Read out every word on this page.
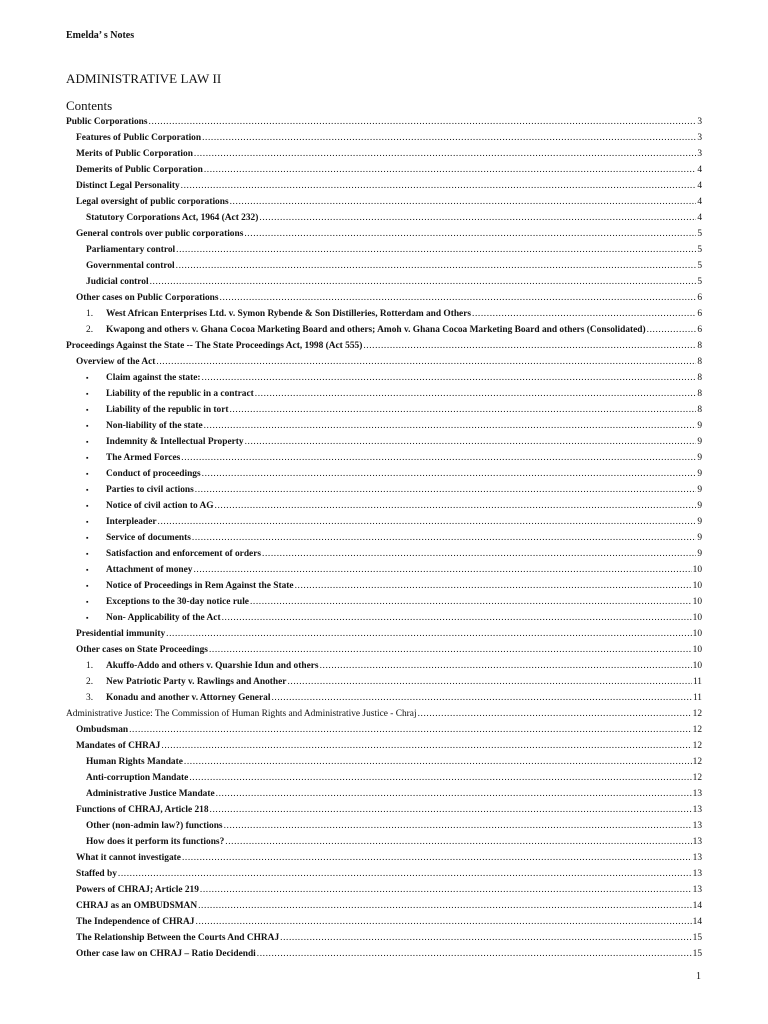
Emelda’ s Notes
ADMINISTRATIVE LAW II
Contents
Public Corporations .....	3
Features of Public Corporation .....	3
Merits of Public Corporation .....	3
Demerits of Public Corporation .....	4
Distinct Legal Personality .....	4
Legal oversight of public corporations .....	4
Statutory Corporations Act, 1964 (Act 232) .....	4
General controls over public corporations .....	5
Parliamentary control .....	5
Governmental control .....	5
Judicial control .....	5
Other cases on Public Corporations .....	6
1.	West African Enterprises Ltd. v. Symon Rybende & Son Distilleries, Rotterdam and Others .....	6
2.	Kwapong and others v. Ghana Cocoa Marketing Board and others; Amoh v. Ghana Cocoa Marketing Board and others (Consolidated) .....	6
Proceedings Against the State -- The State Proceedings Act, 1998 (Act 555) .....	8
Overview of the Act .....	8
▪	Claim against the state: .....	8
▪	Liability of the republic in a contract .....	8
▪	Liability of the republic in tort .....	8
▪	Non-liability of the state .....	9
▪	Indemnity & Intellectual Property .....	9
▪	The Armed Forces .....	9
▪	Conduct of proceedings .....	9
▪	Parties to civil actions .....	9
▪	Notice of civil action to AG .....	9
▪	Interpleader .....	9
▪	Service of documents .....	9
▪	Satisfaction and enforcement of orders .....	9
▪	Attachment of money .....	10
▪	Notice of Proceedings in Rem Against the State .....	10
▪	Exceptions to the 30-day notice rule .....	10
▪	Non- Applicability of the Act .....	10
Presidential immunity .....	10
Other cases on State Proceedings .....	10
1.	Akuffo-Addo and others v. Quarshie Idun and others .....	10
2.	New Patriotic Party v. Rawlings and Another .....	11
3.	Konadu and another v. Attorney General .....	11
Administrative Justice: The Commission of Human Rights and Administrative Justice - Chraj .....	12
Ombudsman .....	12
Mandates of CHRAJ .....	12
Human Rights Mandate .....	12
Anti-corruption Mandate .....	12
Administrative Justice Mandate .....	13
Functions of CHRAJ, Article 218 .....	13
Other (non-admin law?) functions .....	13
How does it perform its functions? .....	13
What it cannot investigate .....	13
Staffed by .....	13
Powers of CHRAJ; Article 219 .....	13
CHRAJ as an OMBUDSMAN .....	14
The Independence of CHRAJ .....	14
The Relationship Between the Courts And CHRAJ .....	15
Other case law on CHRAJ – Ratio Decidendi .....	15
1
